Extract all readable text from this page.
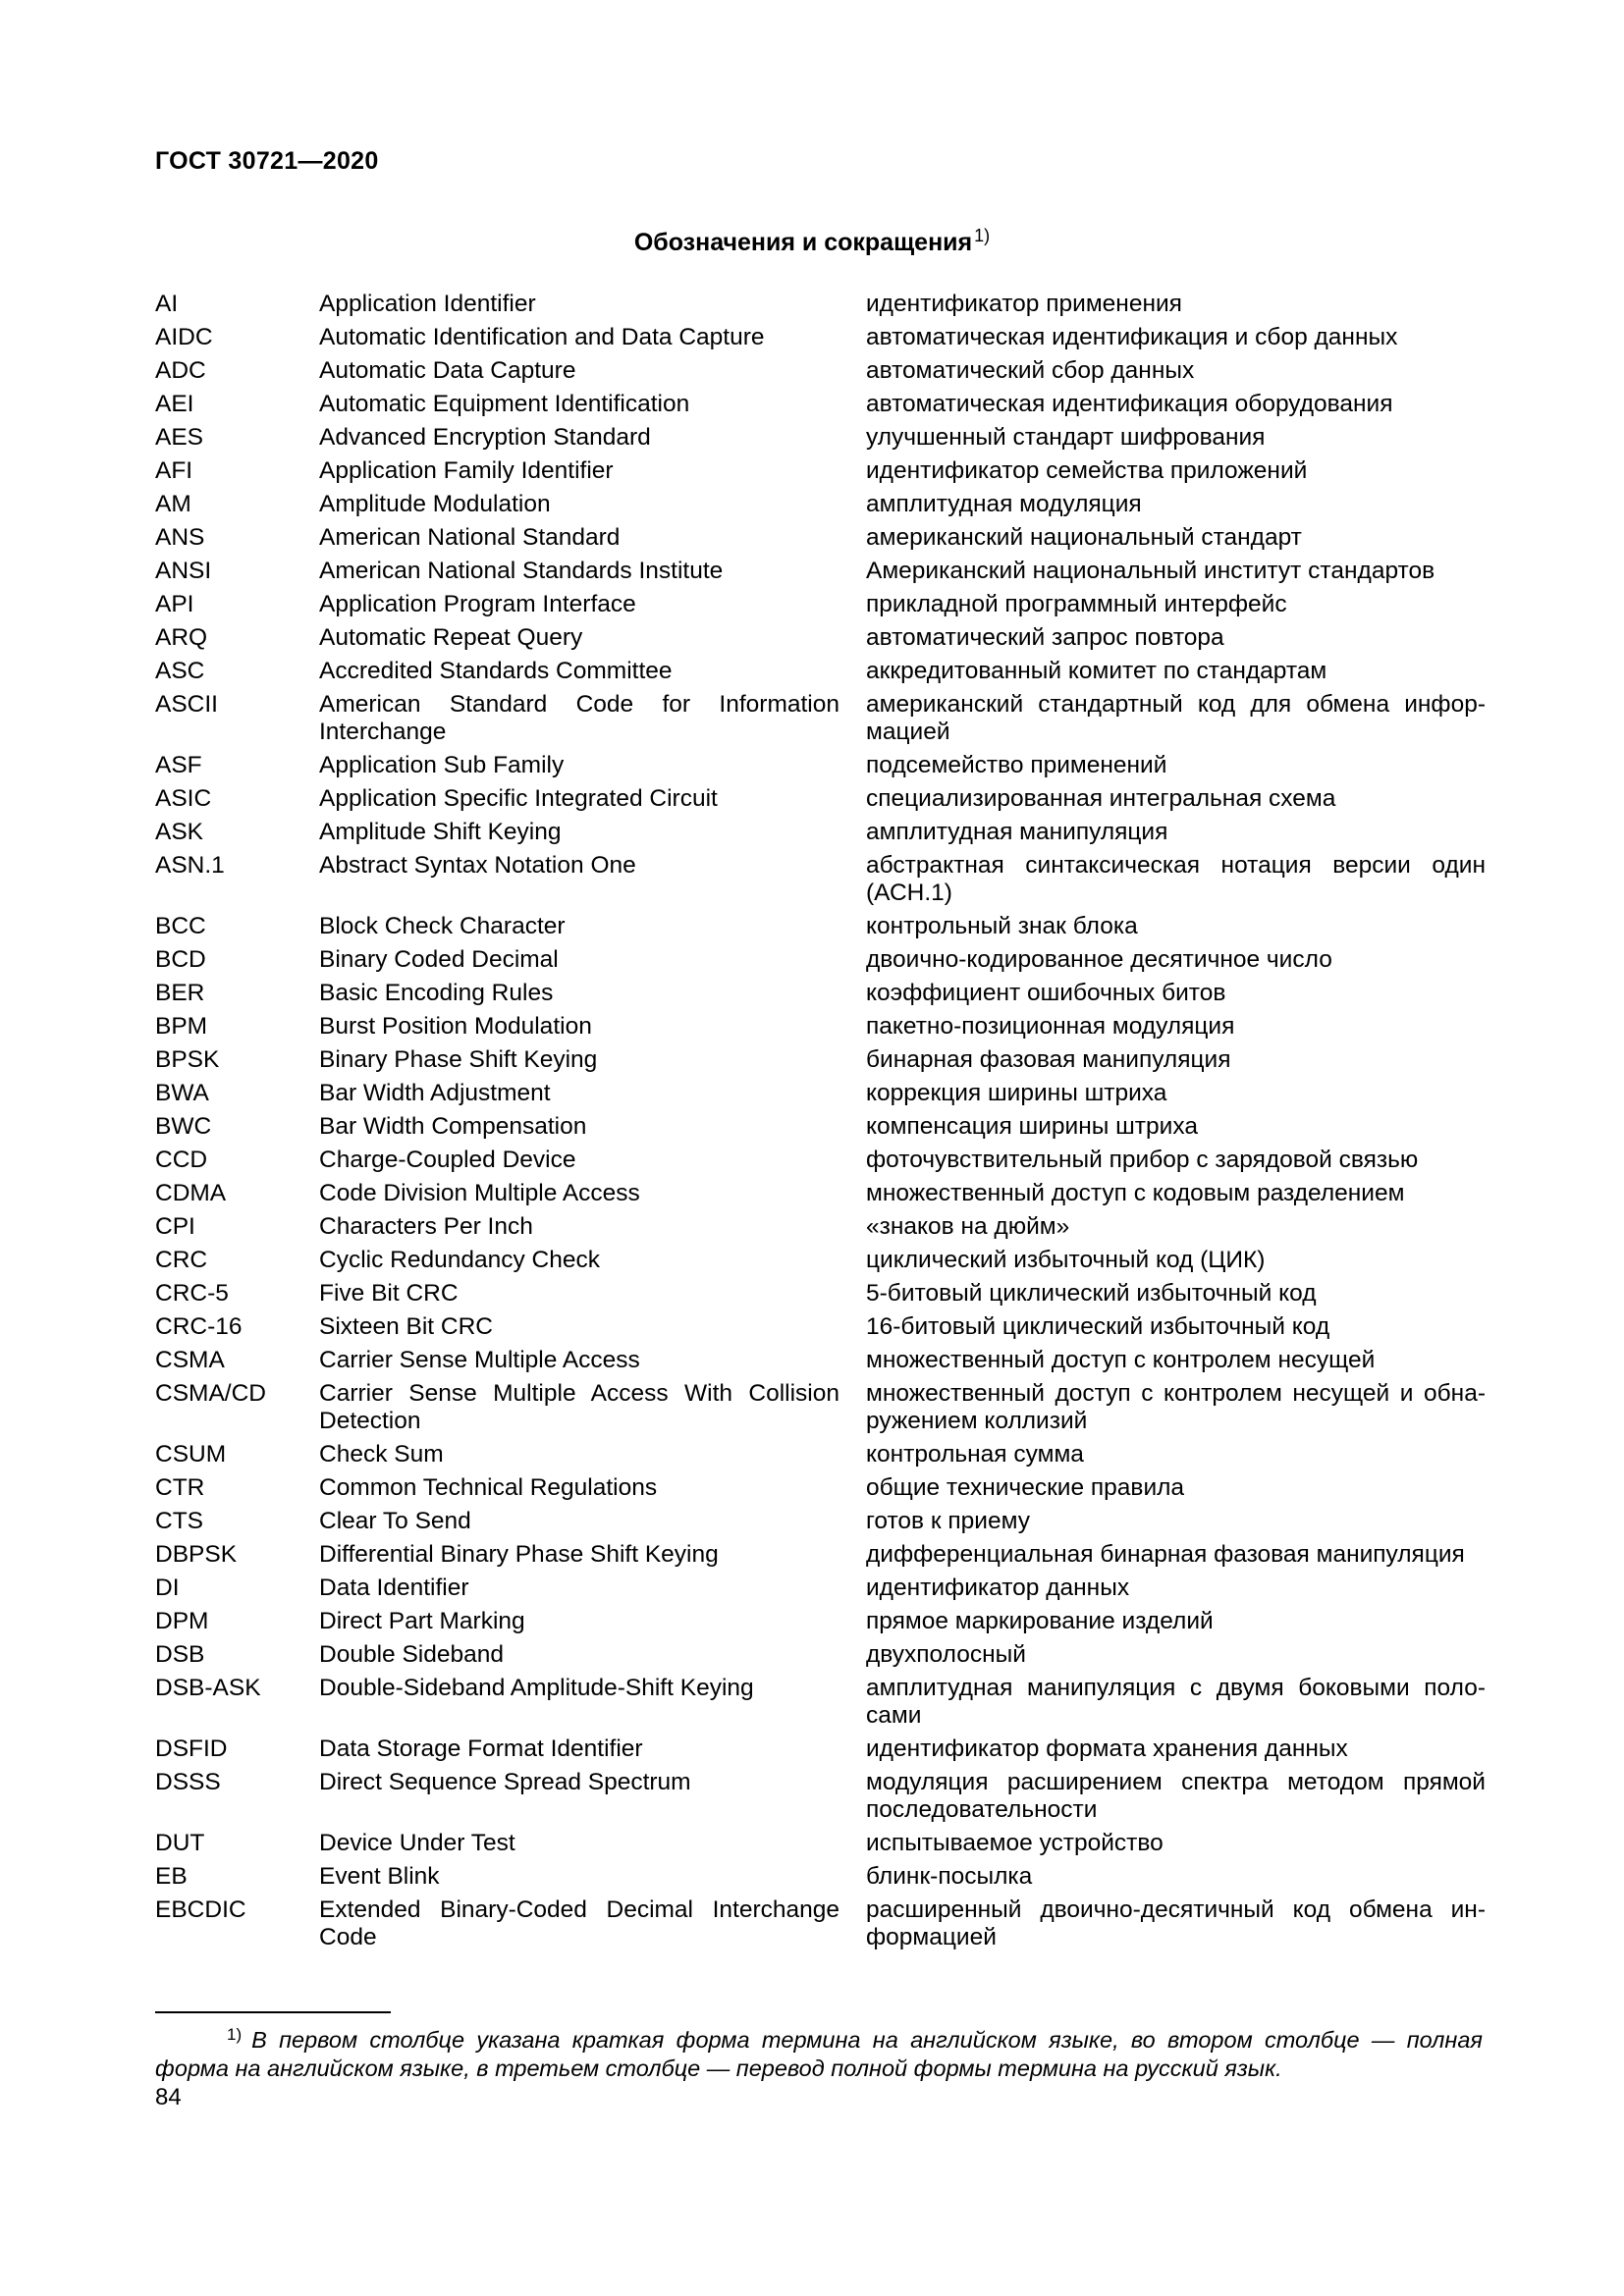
ГОСТ 30721—2020
Обозначения и сокращения $^{1)}$
AI	Application Identifier	идентификатор применения
AIDC	Automatic Identification and Data Capture	автоматическая идентификация и сбор данных
ADC	Automatic Data Capture	автоматический сбор данных
AEI	Automatic Equipment Identification	автоматическая идентификация оборудования
AES	Advanced Encryption Standard	улучшенный стандарт шифрования
AFI	Application Family Identifier	идентификатор семейства приложений
AM	Amplitude Modulation	амплитудная модуляция
ANS	American National Standard	американский национальный стандарт
ANSI	American National Standards Institute	Американский национальный институт стандартов
API	Application Program Interface	прикладной программный интерфейс
ARQ	Automatic Repeat Query	автоматический запрос повтора
ASC	Accredited Standards Committee	аккредитованный комитет по стандартам
ASCII	American Standard Code for Information Interchange	американский стандартный код для обмена инфор-мацией
ASF	Application Sub Family	подсемейство применений
ASIC	Application Specific Integrated Circuit	специализированная интегральная схема
ASK	Amplitude Shift Keying	амплитудная манипуляция
ASN.1	Abstract Syntax Notation One	абстрактная синтаксическая нотация версии один (АСН.1)
BCC	Block Check Character	контрольный знак блока
BCD	Binary Coded Decimal	двоично-кодированное десятичное число
BER	Basic Encoding Rules	коэффициент ошибочных битов
BPM	Burst Position Modulation	пакетно-позиционная модуляция
BPSK	Binary Phase Shift Keying	бинарная фазовая манипуляция
BWA	Bar Width Adjustment	коррекция ширины штриха
BWC	Bar Width Compensation	компенсация ширины штриха
CCD	Charge-Coupled Device	фоточувствительный прибор с зарядовой связью
CDMA	Code Division Multiple Access	множественный доступ с кодовым разделением
CPI	Characters Per Inch	«знаков на дюйм»
CRC	Cyclic Redundancy Check	циклический избыточный код (ЦИК)
CRC-5	Five Bit CRC	5-битовый циклический избыточный код
CRC-16	Sixteen Bit CRC	16-битовый циклический избыточный код
CSMA	Carrier Sense Multiple Access	множественный доступ с контролем несущей
CSMA/CD	Carrier Sense Multiple Access With Collision Detection	множественный доступ с контролем несущей и обна-ружением коллизий
CSUM	Check Sum	контрольная сумма
CTR	Common Technical Regulations	общие технические правила
CTS	Clear To Send	готов к приему
DBPSK	Differential Binary Phase Shift Keying	дифференциальная бинарная фазовая манипуляция
DI	Data Identifier	идентификатор данных
DPM	Direct Part Marking	прямое маркирование изделий
DSB	Double Sideband	двухполосный
DSB-ASK	Double-Sideband Amplitude-Shift Keying	амплитудная манипуляция с двумя боковыми поло-сами
DSFID	Data Storage Format Identifier	идентификатор формата хранения данных
DSSS	Direct Sequence Spread Spectrum	модуляция расширением спектра методом прямой последовательности
DUT	Device Under Test	испытываемое устройство
EB	Event Blink	блинк-посылка
EBCDIC	Extended Binary-Coded Decimal Interchange Code	расширенный двоично-десятичный код обмена ин-формацией
$^{1)}$ В первом столбце указана краткая форма термина на английском языке, во втором столбце — полная форма на английском языке, в третьем столбце — перевод полной формы термина на русский язык.
84
